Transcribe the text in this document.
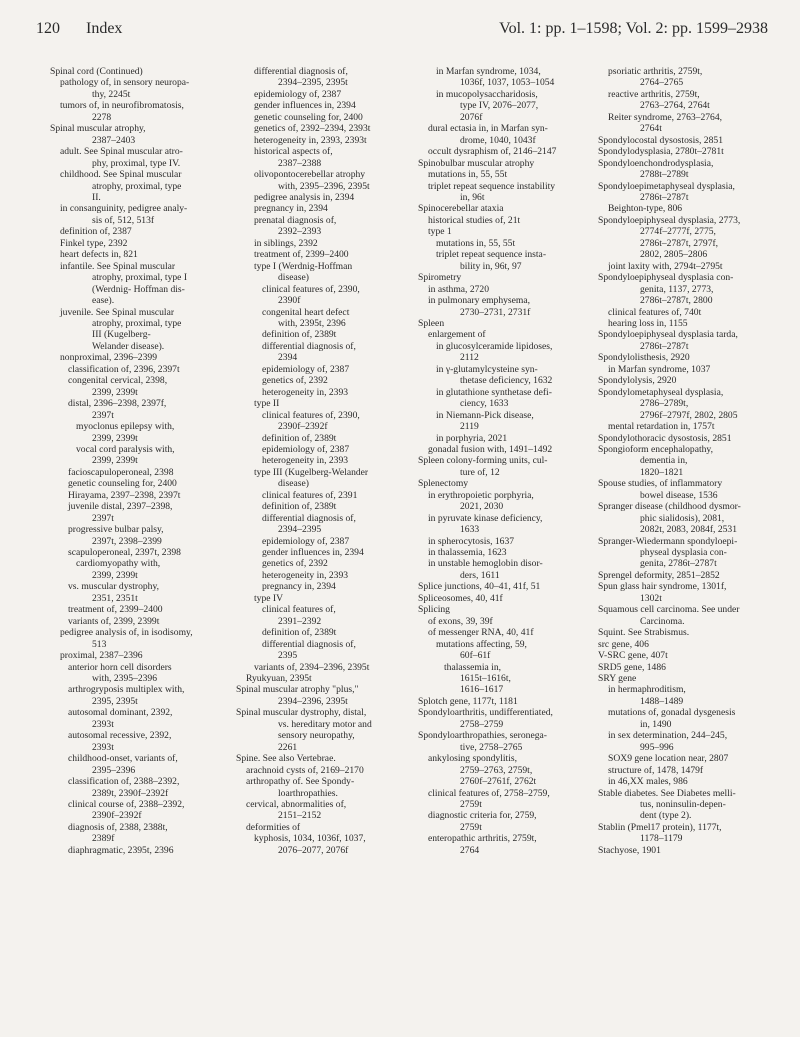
120 Index	Vol. 1: pp. 1–1598; Vol. 2: pp. 1599–2938
Spinal cord (Continued)
pathology of, in sensory neuropa-
thy, 2245t
tumors of, in neurofibromatosis,
2278
Spinal muscular atrophy,
2387–2403
adult. See Spinal muscular atro-
phy, proximal, type IV.
childhood. See Spinal muscular
atrophy, proximal, type
II.
in consanguinity, pedigree analy-
sis of, 512, 513f
definition of, 2387
Finkel type, 2392
heart defects in, 821
infantile. See Spinal muscular
atrophy, proximal, type I
(Werdnig- Hoffman dis-
ease).
juvenile. See Spinal muscular
atrophy, proximal, type
III (Kugelberg-
Welander disease).
nonproximal, 2396–2399
classification of, 2396, 2397t
congenital cervical, 2398,
2399, 2399t
distal, 2396–2398, 2397f,
2397t
myoclonus epilepsy with,
2399, 2399t
vocal cord paralysis with,
2399, 2399t
facioscapuloperoneal, 2398
genetic counseling for, 2400
Hirayama, 2397–2398, 2397t
juvenile distal, 2397–2398,
2397t
progressive bulbar palsy,
2397t, 2398–2399
scapuloperoneal, 2397t, 2398
cardiomyopathy with,
2399, 2399t
vs. muscular dystrophy,
2351, 2351t
treatment of, 2399–2400
variants of, 2399, 2399t
pedigree analysis of, in isodisomy,
513
proximal, 2387–2396
anterior horn cell disorders
with, 2395–2396
arthrogryposis multiplex with,
2395, 2395t
autosomal dominant, 2392,
2393t
autosomal recessive, 2392,
2393t
childhood-onset, variants of,
2395–2396
classification of, 2388–2392,
2389t, 2390f–2392f
clinical course of, 2388–2392,
2390f–2392f
diagnosis of, 2388, 2388t,
2389f
diaphragmatic, 2395t, 2396
differential diagnosis of,
2394–2395, 2395t
epidemiology of, 2387
gender influences in, 2394
genetic counseling for, 2400
genetics of, 2392–2394, 2393t
heterogeneity in, 2393, 2393t
historical aspects of,
2387–2388
olivopontocerebellar atrophy
with, 2395–2396, 2395t
pedigree analysis in, 2394
pregnancy in, 2394
prenatal diagnosis of,
2392–2393
in siblings, 2392
treatment of, 2399–2400
type I (Werdnig-Hoffman
disease)
clinical features of, 2390,
2390f
congenital heart defect
with, 2395t, 2396
definition of, 2389t
differential diagnosis of,
2394
epidemiology of, 2387
genetics of, 2392
heterogeneity in, 2393
type II
clinical features of, 2390,
2390f–2392f
definition of, 2389t
epidemiology of, 2387
heterogeneity in, 2393
type III (Kugelberg-Welander
disease)
clinical features of, 2391
definition of, 2389t
differential diagnosis of,
2394–2395
epidemiology of, 2387
gender influences in, 2394
genetics of, 2392
heterogeneity in, 2393
pregnancy in, 2394
type IV
clinical features of,
2391–2392
definition of, 2389t
differential diagnosis of,
2395
variants of, 2394–2396, 2395t
Ryukyuan, 2395t
Spinal muscular atrophy "plus,"
2394–2396, 2395t
Spinal muscular dystrophy, distal,
vs. hereditary motor and
sensory neuropathy,
2261
Spine. See also Vertebrae.
arachnoid cysts of, 2169–2170
arthropathy of. See Spondy-
loarthropathies.
cervical, abnormalities of,
2151–2152
deformities of
kyphosis, 1034, 1036f, 1037,
2076–2077, 2076f
in Marfan syndrome, 1034,
1036f, 1037, 1053–1054
in mucopolysaccharidosis,
type IV, 2076–2077,
2076f
dural ectasia in, in Marfan syn-
drome, 1040, 1043f
occult dysraphism of, 2146–2147
Spinobulbar muscular atrophy
mutations in, 55, 55t
triplet repeat sequence instability
in, 96t
Spinocerebellar ataxia
historical studies of, 21t
type 1
mutations in, 55, 55t
triplet repeat sequence insta-
bility in, 96t, 97
Spirometry
in asthma, 2720
in pulmonary emphysema,
2730–2731, 2731f
Spleen
enlargement of
in glucosylceramide lipidoses,
2112
in γ-glutamylcysteine syn-
thetase deficiency, 1632
in glutathione synthetase defi-
ciency, 1633
in Niemann-Pick disease,
2119
in porphyria, 2021
gonadal fusion with, 1491–1492
Spleen colony-forming units, cul-
ture of, 12
Splenectomy
in erythropoietic porphyria,
2021, 2030
in pyruvate kinase deficiency,
1633
in spherocytosis, 1637
in thalassemia, 1623
in unstable hemoglobin disor-
ders, 1611
Splice junctions, 40–41, 41f, 51
Spliceosomes, 40, 41f
Splicing
of exons, 39, 39f
of messenger RNA, 40, 41f
mutations affecting, 59,
60f–61f
thalassemia in,
1615t–1616t,
1616–1617
Splotch gene, 1177t, 1181
Spondyloarthritis, undifferentiated,
2758–2759
Spondyloarthropathies, seronega-
tive, 2758–2765
ankylosing spondylitis,
2759–2763, 2759t,
2760f–2761f, 2762t
clinical features of, 2758–2759,
2759t
diagnostic criteria for, 2759,
2759t
enteropathic arthritis, 2759t,
2764
psoriatic arthritis, 2759t,
2764–2765
reactive arthritis, 2759t,
2763–2764, 2764t
Reiter syndrome, 2763–2764,
2764t
Spondylocostal dysostosis, 2851
Spondylodysplasia, 2780t–2781t
Spondyloenchondrodysplasia,
2788t–2789t
Spondyloepimetaphyseal dysplasia,
2786t–2787t
Beighton-type, 806
Spondyloepiphyseal dysplasia, 2773,
2774f–2777f, 2775,
2786t–2787t, 2797f,
2802, 2805–2806
joint laxity with, 2794t–2795t
Spondyloepiphyseal dysplasia con-
genita, 1137, 2773,
2786t–2787t, 2800
clinical features of, 740t
hearing loss in, 1155
Spondyloepiphyseal dysplasia tarda,
2786t–2787t
Spondylolisthesis, 2920
in Marfan syndrome, 1037
Spondylolysis, 2920
Spondylometaphyseal dysplasia,
2786–2789t,
2796f–2797f, 2802, 2805
mental retardation in, 1757t
Spondylothoracic dysostosis, 2851
Spongioform encephalopathy,
dementia in,
1820–1821
Spouse studies, of inflammatory
bowel disease, 1536
Spranger disease (childhood dysmor-
phic sialidosis), 2081,
2082t, 2083, 2084f, 2531
Spranger-Wiedermann spondyloepi-
physeal dysplasia con-
genita, 2786t–2787t
Sprengel deformity, 2851–2852
Spun glass hair syndrome, 1301f,
1302t
Squamous cell carcinoma. See under
Carcinoma.
Squint. See Strabismus.
src gene, 406
V-SRC gene, 407t
SRD5 gene, 1486
SRY gene
in hermaphroditism,
1488–1489
mutations of, gonadal dysgenesis
in, 1490
in sex determination, 244–245,
995–996
SOX9 gene location near, 2807
structure of, 1478, 1479f
in 46,XX males, 986
Stable diabetes. See Diabetes melli-
tus, noninsulin-depen-
dent (type 2).
Stablin (Pmel17 protein), 1177t,
1178–1179
Stachyose, 1901
